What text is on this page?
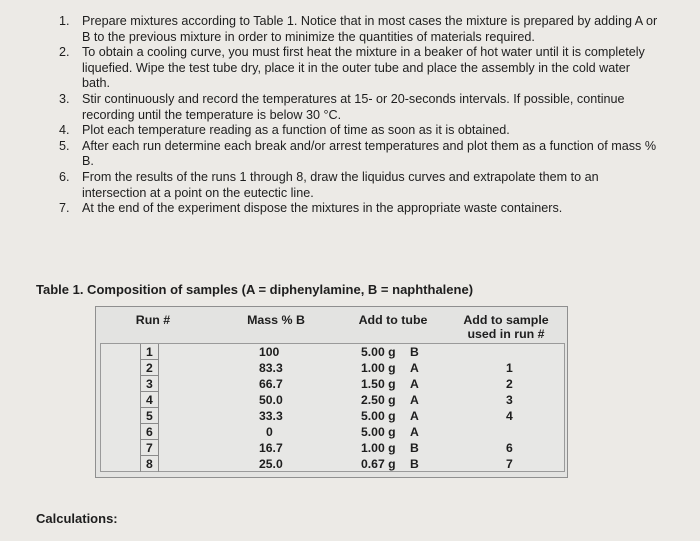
1. Prepare mixtures according to Table 1. Notice that in most cases the mixture is prepared by adding A or B to the previous mixture in order to minimize the quantities of materials required.
2. To obtain a cooling curve, you must first heat the mixture in a beaker of hot water until it is completely liquefied. Wipe the test tube dry, place it in the outer tube and place the assembly in the cold water bath.
3. Stir continuously and record the temperatures at 15- or 20-seconds intervals. If possible, continue recording until the temperature is below 30 °C.
4. Plot each temperature reading as a function of time as soon as it is obtained.
5. After each run determine each break and/or arrest temperatures and plot them as a function of mass % B.
6. From the results of the runs 1 through 8, draw the liquidus curves and extrapolate them to an intersection at a point on the eutectic line.
7. At the end of the experiment dispose the mixtures in the appropriate waste containers.
Table 1. Composition of samples (A = diphenylamine, B = naphthalene)
Run #	Mass % B	Add to tube	Add to sample used in run #
1	100	5.00 g B
2	83.3	1.00 g A	1
3	66.7	1.50 g A	2
4	50.0	2.50 g A	3
5	33.3	5.00 g A	4
6	0	5.00 g A
7	16.7	1.00 g B	6
8	25.0	0.67 g B	7
Calculations:
